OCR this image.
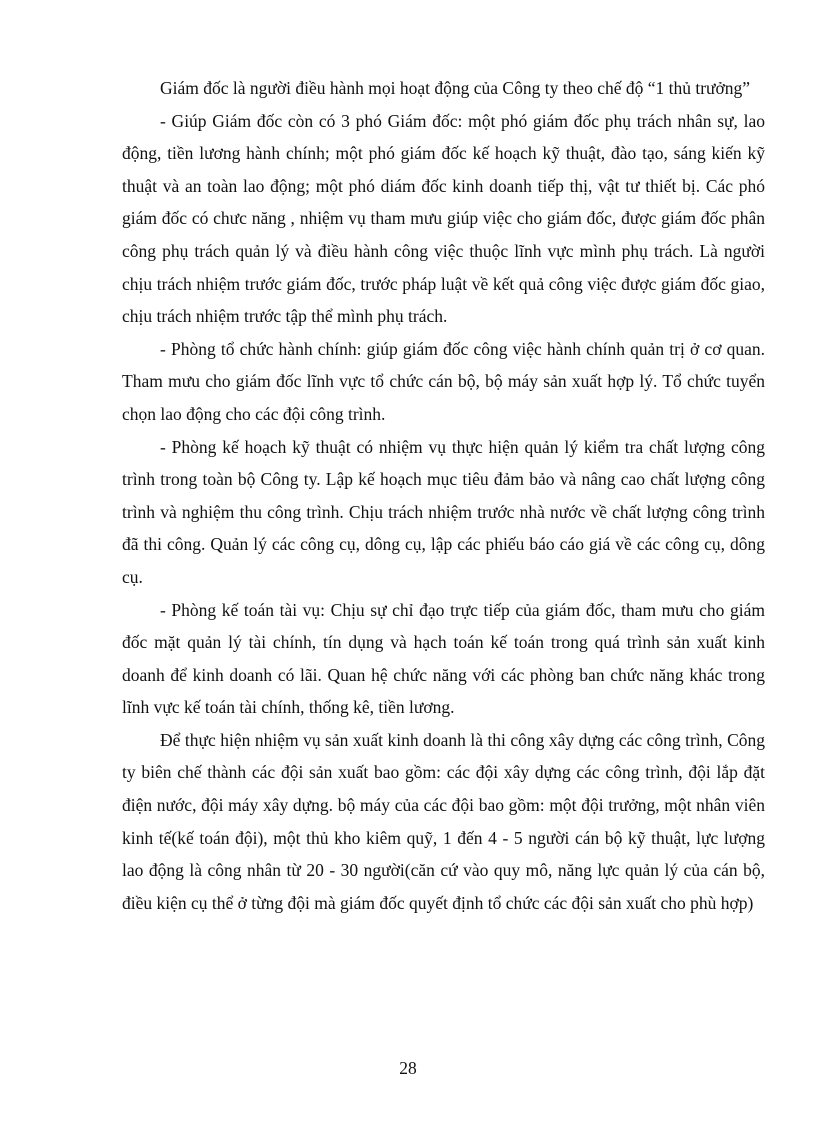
Giám đốc là người điều hành mọi hoạt động của Công ty theo chế độ “1 thủ trưởng”

- Giúp Giám đốc còn có 3 phó Giám đốc: một phó giám đốc phụ trách nhân sự, lao động, tiền lương hành chính; một phó giám đốc kế hoạch kỹ thuật, đào tạo, sáng kiến kỹ thuật và an toàn lao động; một phó diám đốc kinh doanh tiếp thị, vật tư thiết bị. Các phó giám đốc có chưc năng , nhiệm vụ tham mưu giúp việc cho giám đốc, được giám đốc phân công phụ trách quản lý và điều hành công việc thuộc lĩnh vực mình phụ trách. Là người chịu trách nhiệm trước giám đốc, trước pháp luật về kết quả công việc được giám đốc giao, chịu trách nhiệm trước tập thể mình phụ trách.

- Phòng tổ chức hành chính: giúp giám đốc công việc hành chính quản trị ở cơ quan. Tham mưu cho giám đốc lĩnh vực tổ chức cán bộ, bộ máy sản xuất hợp lý. Tổ chức tuyển chọn lao động cho các đội công trình.

- Phòng kế hoạch kỹ thuật có nhiệm vụ thực hiện quản lý kiểm tra chất lượng công trình trong toàn bộ Công ty. Lập kế hoạch mục tiêu đảm bảo và nâng cao chất lượng công trình và nghiệm thu công trình. Chịu trách nhiệm trước nhà nước về chất lượng công trình đã thi công. Quản lý các công cụ, dông cụ, lập các phiếu báo cáo giá về các công cụ, dông cụ.

- Phòng kế toán tài vụ: Chịu sự chỉ đạo trực tiếp của giám đốc, tham mưu cho giám đốc mặt quản lý tài chính, tín dụng và hạch toán kế toán trong quá trình sản xuất kinh doanh để kinh doanh có lãi. Quan hệ chức năng với các phòng ban chức năng khác trong lĩnh vực kế toán tài chính, thống kê, tiền lương.

Để thực hiện nhiệm vụ sản xuất kinh doanh là thi công xây dựng các công trình, Công ty biên chế thành các đội sản xuất bao gồm: các đội xây dựng các công trình, đội lắp đặt điện nước, đội máy xây dựng. bộ máy của các đội bao gồm: một đội trưởng, một nhân viên kinh tế(kế toán đội), một thủ kho kiêm quỹ, 1 đến 4 - 5 người cán bộ kỹ thuật, lực lượng lao động là công nhân từ 20 - 30 người(căn cứ vào quy mô, năng lực quản lý của cán bộ, điều kiện cụ thể ở từng đội mà giám đốc quyết định tổ chức các đội sản xuất cho phù hợp)

28
